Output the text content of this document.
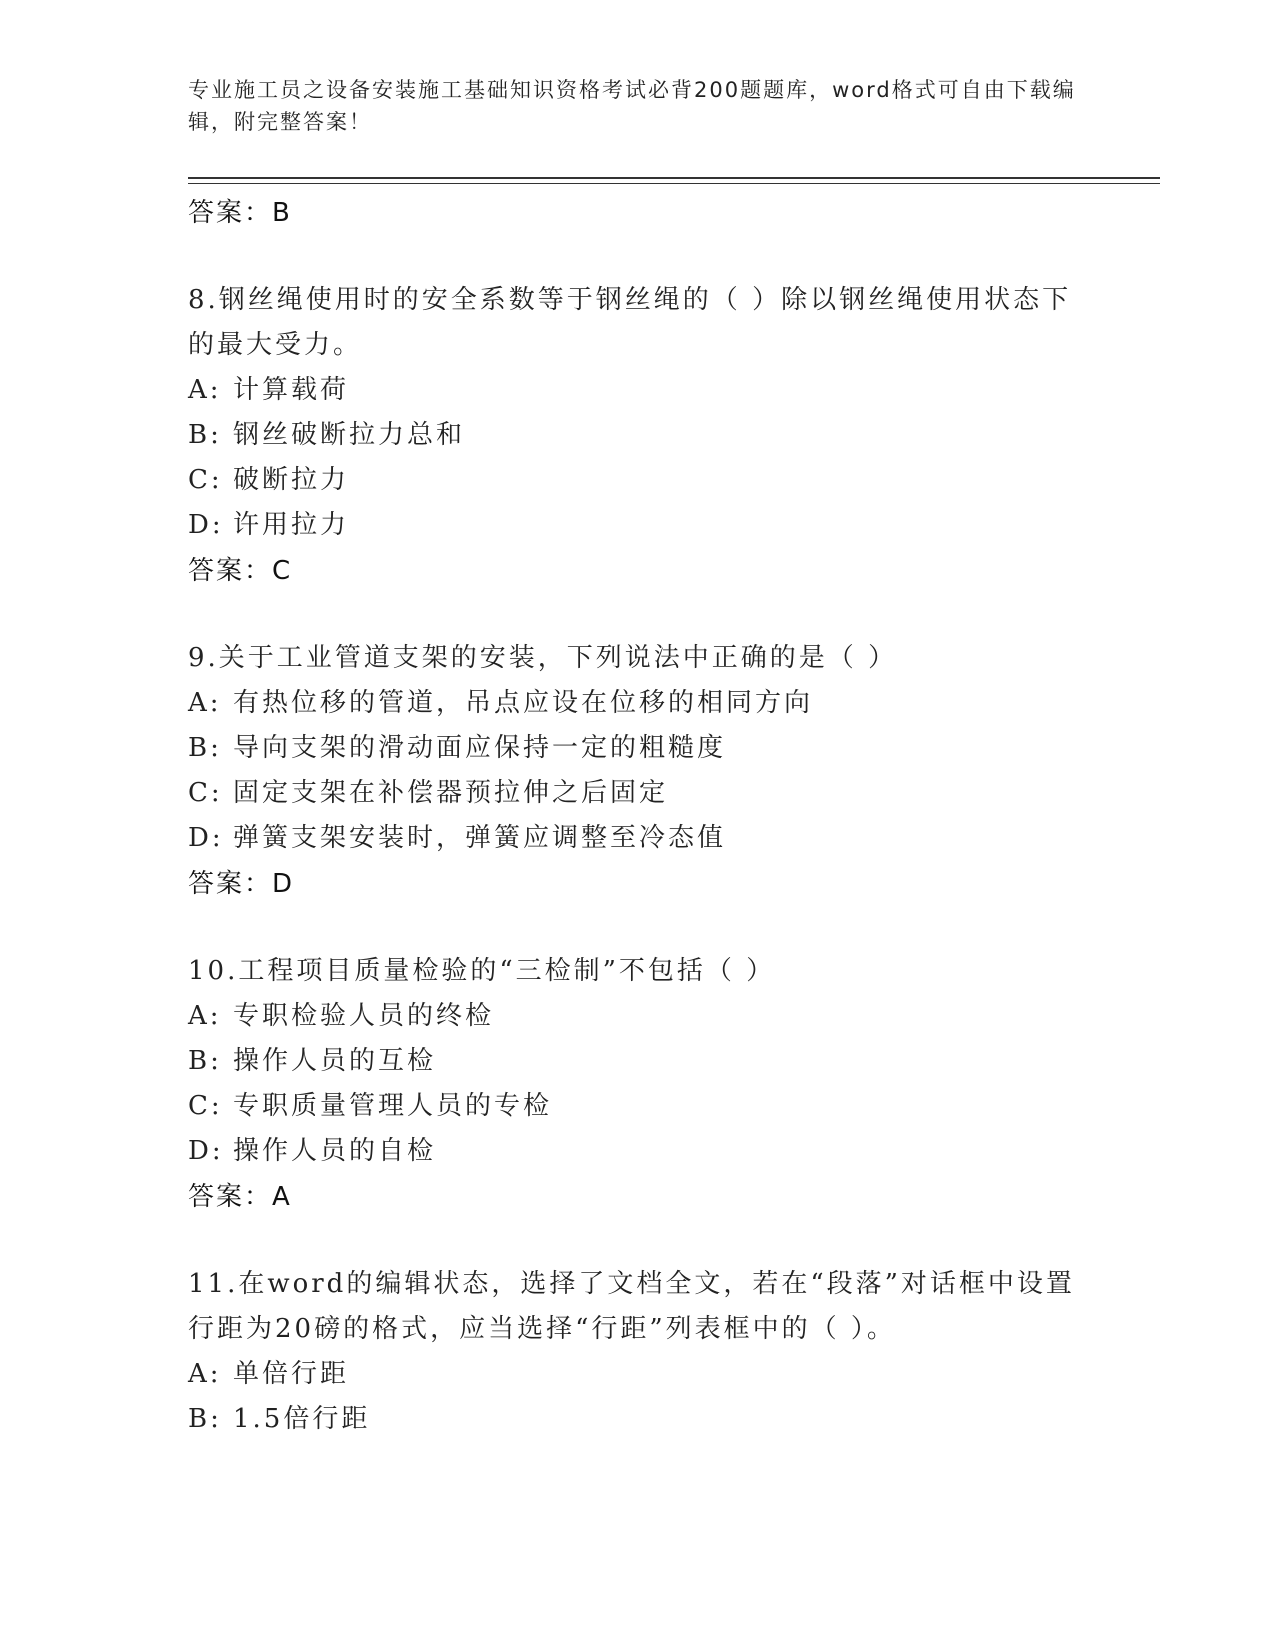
专业施工员之设备安装施工基础知识资格考试必背200题题库，word格式可自由下载编辑，附完整答案！
答案：B
8.钢丝绳使用时的安全系数等于钢丝绳的（ ）除以钢丝绳使用状态下的最大受力。
A: 计算载荷
B: 钢丝破断拉力总和
C: 破断拉力
D: 许用拉力
答案：C
9.关于工业管道支架的安装，下列说法中正确的是（ ）
A: 有热位移的管道，吊点应设在位移的相同方向
B: 导向支架的滑动面应保持一定的粗糙度
C: 固定支架在补偿器预拉伸之后固定
D: 弹簧支架安装时，弹簧应调整至冷态值
答案：D
10.工程项目质量检验的“三检制”不包括（ ）
A: 专职检验人员的终检
B: 操作人员的互检
C: 专职质量管理人员的专检
D: 操作人员的自检
答案：A
11.在word的编辑状态，选择了文档全文，若在“段落”对话框中设置行距为20磅的格式，应当选择“行距”列表框中的（ ）。
A: 单倍行距
B: 1.5倍行距
